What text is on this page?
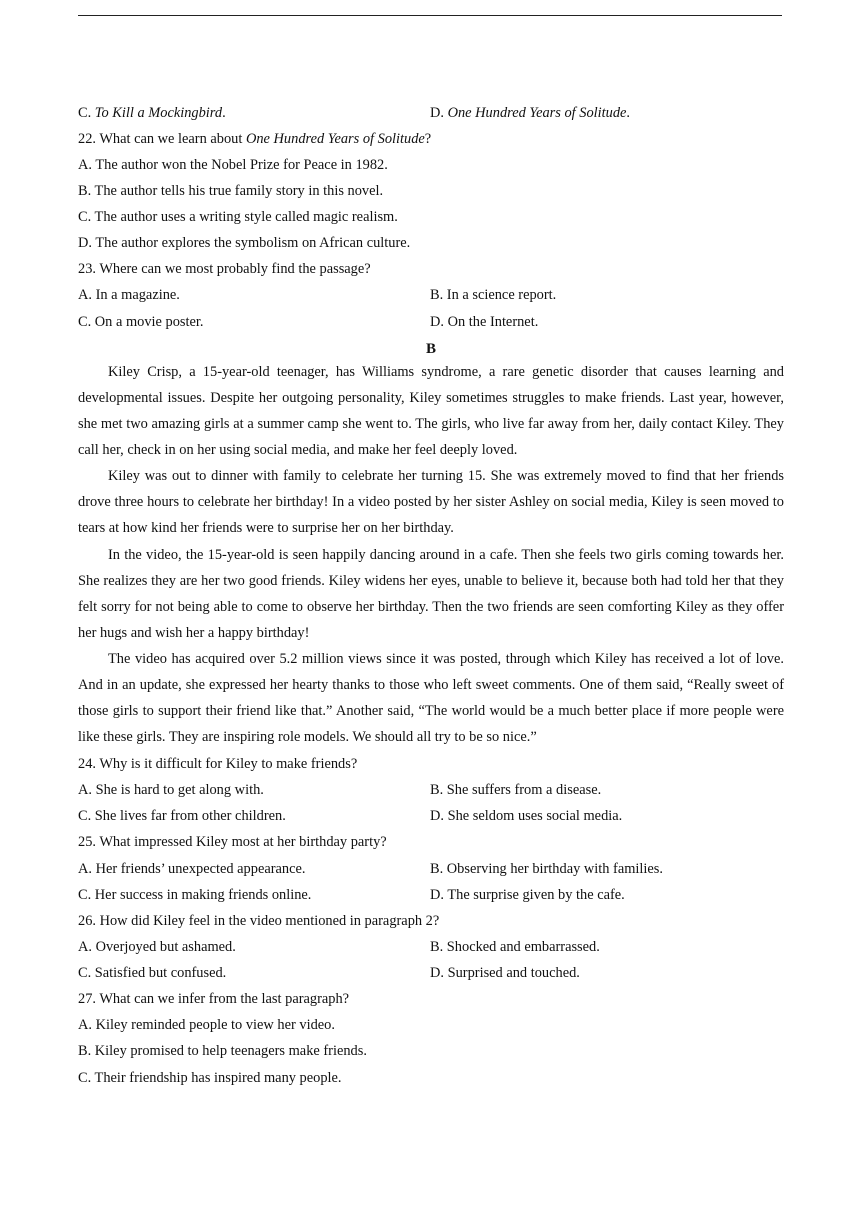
C. To Kill a Mockingbird.	D. One Hundred Years of Solitude.
22. What can we learn about One Hundred Years of Solitude?
A. The author won the Nobel Prize for Peace in 1982.
B. The author tells his true family story in this novel.
C. The author uses a writing style called magic realism.
D. The author explores the symbolism on African culture.
23. Where can we most probably find the passage?
A. In a magazine.	B. In a science report.
C. On a movie poster.	D. On the Internet.
B

Kiley Crisp, a 15-year-old teenager, has Williams syndrome, a rare genetic disorder that causes learning and developmental issues. Despite her outgoing personality, Kiley sometimes struggles to make friends. Last year, however, she met two amazing girls at a summer camp she went to. The girls, who live far away from her, daily contact Kiley. They call her, check in on her using social media, and make her feel deeply loved.

Kiley was out to dinner with family to celebrate her turning 15. She was extremely moved to find that her friends drove three hours to celebrate her birthday! In a video posted by her sister Ashley on social media, Kiley is seen moved to tears at how kind her friends were to surprise her on her birthday.

In the video, the 15-year-old is seen happily dancing around in a cafe. Then she feels two girls coming towards her. She realizes they are her two good friends. Kiley widens her eyes, unable to believe it, because both had told her that they felt sorry for not being able to come to observe her birthday. Then the two friends are seen comforting Kiley as they offer her hugs and wish her a happy birthday!

The video has acquired over 5.2 million views since it was posted, through which Kiley has received a lot of love. And in an update, she expressed her hearty thanks to those who left sweet comments. One of them said, “Really sweet of those girls to support their friend like that.” Another said, “The world would be a much better place if more people were like these girls. They are inspiring role models. We should all try to be so nice.”

24. Why is it difficult for Kiley to make friends?
A. She is hard to get along with.	B. She suffers from a disease.
C. She lives far from other children.	D. She seldom uses social media.
25. What impressed Kiley most at her birthday party?
A. Her friends’ unexpected appearance.	B. Observing her birthday with families.
C. Her success in making friends online.	D. The surprise given by the cafe.
26. How did Kiley feel in the video mentioned in paragraph 2?
A. Overjoyed but ashamed.	B. Shocked and embarrassed.
C. Satisfied but confused.	D. Surprised and touched.
27. What can we infer from the last paragraph?
A. Kiley reminded people to view her video.
B. Kiley promised to help teenagers make friends.
C. Their friendship has inspired many people.
